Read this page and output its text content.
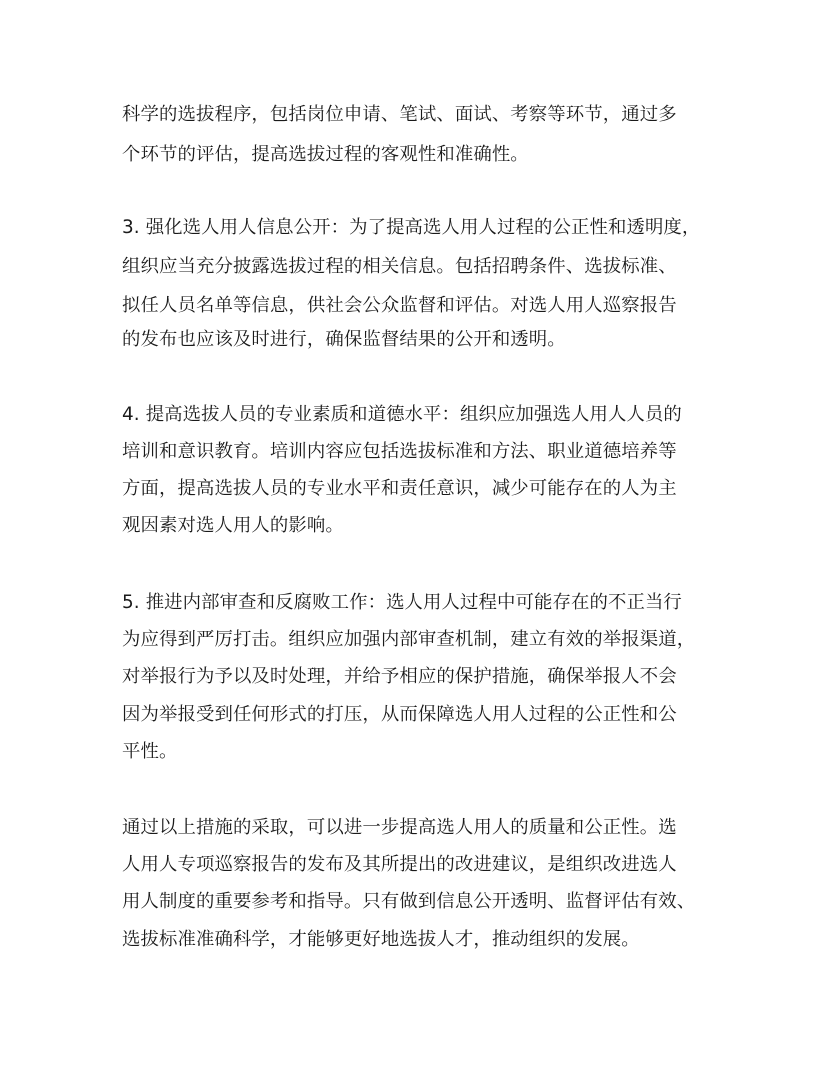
科学的选拔程序，包括岗位申请、笔试、面试、考察等环节，通过多
个环节的评估，提高选拔过程的客观性和准确性。
3. 强化选人用人信息公开：为了提高选人用人过程的公正性和透明度，
组织应当充分披露选拔过程的相关信息。包括招聘条件、选拔标准、
拟任人员名单等信息，供社会公众监督和评估。对选人用人巡察报告
的发布也应该及时进行，确保监督结果的公开和透明。
4. 提高选拔人员的专业素质和道德水平：组织应加强选人用人人员的
培训和意识教育。培训内容应包括选拔标准和方法、职业道德培养等
方面，提高选拔人员的专业水平和责任意识，减少可能存在的人为主
观因素对选人用人的影响。
5. 推进内部审查和反腐败工作：选人用人过程中可能存在的不正当行
为应得到严厉打击。组织应加强内部审查机制，建立有效的举报渠道，
对举报行为予以及时处理，并给予相应的保护措施，确保举报人不会
因为举报受到任何形式的打压，从而保障选人用人过程的公正性和公
平性。
通过以上措施的采取，可以进一步提高选人用人的质量和公正性。选
人用人专项巡察报告的发布及其所提出的改进建议，是组织改进选人
用人制度的重要参考和指导。只有做到信息公开透明、监督评估有效、
选拔标准准确科学，才能够更好地选拔人才，推动组织的发展。
